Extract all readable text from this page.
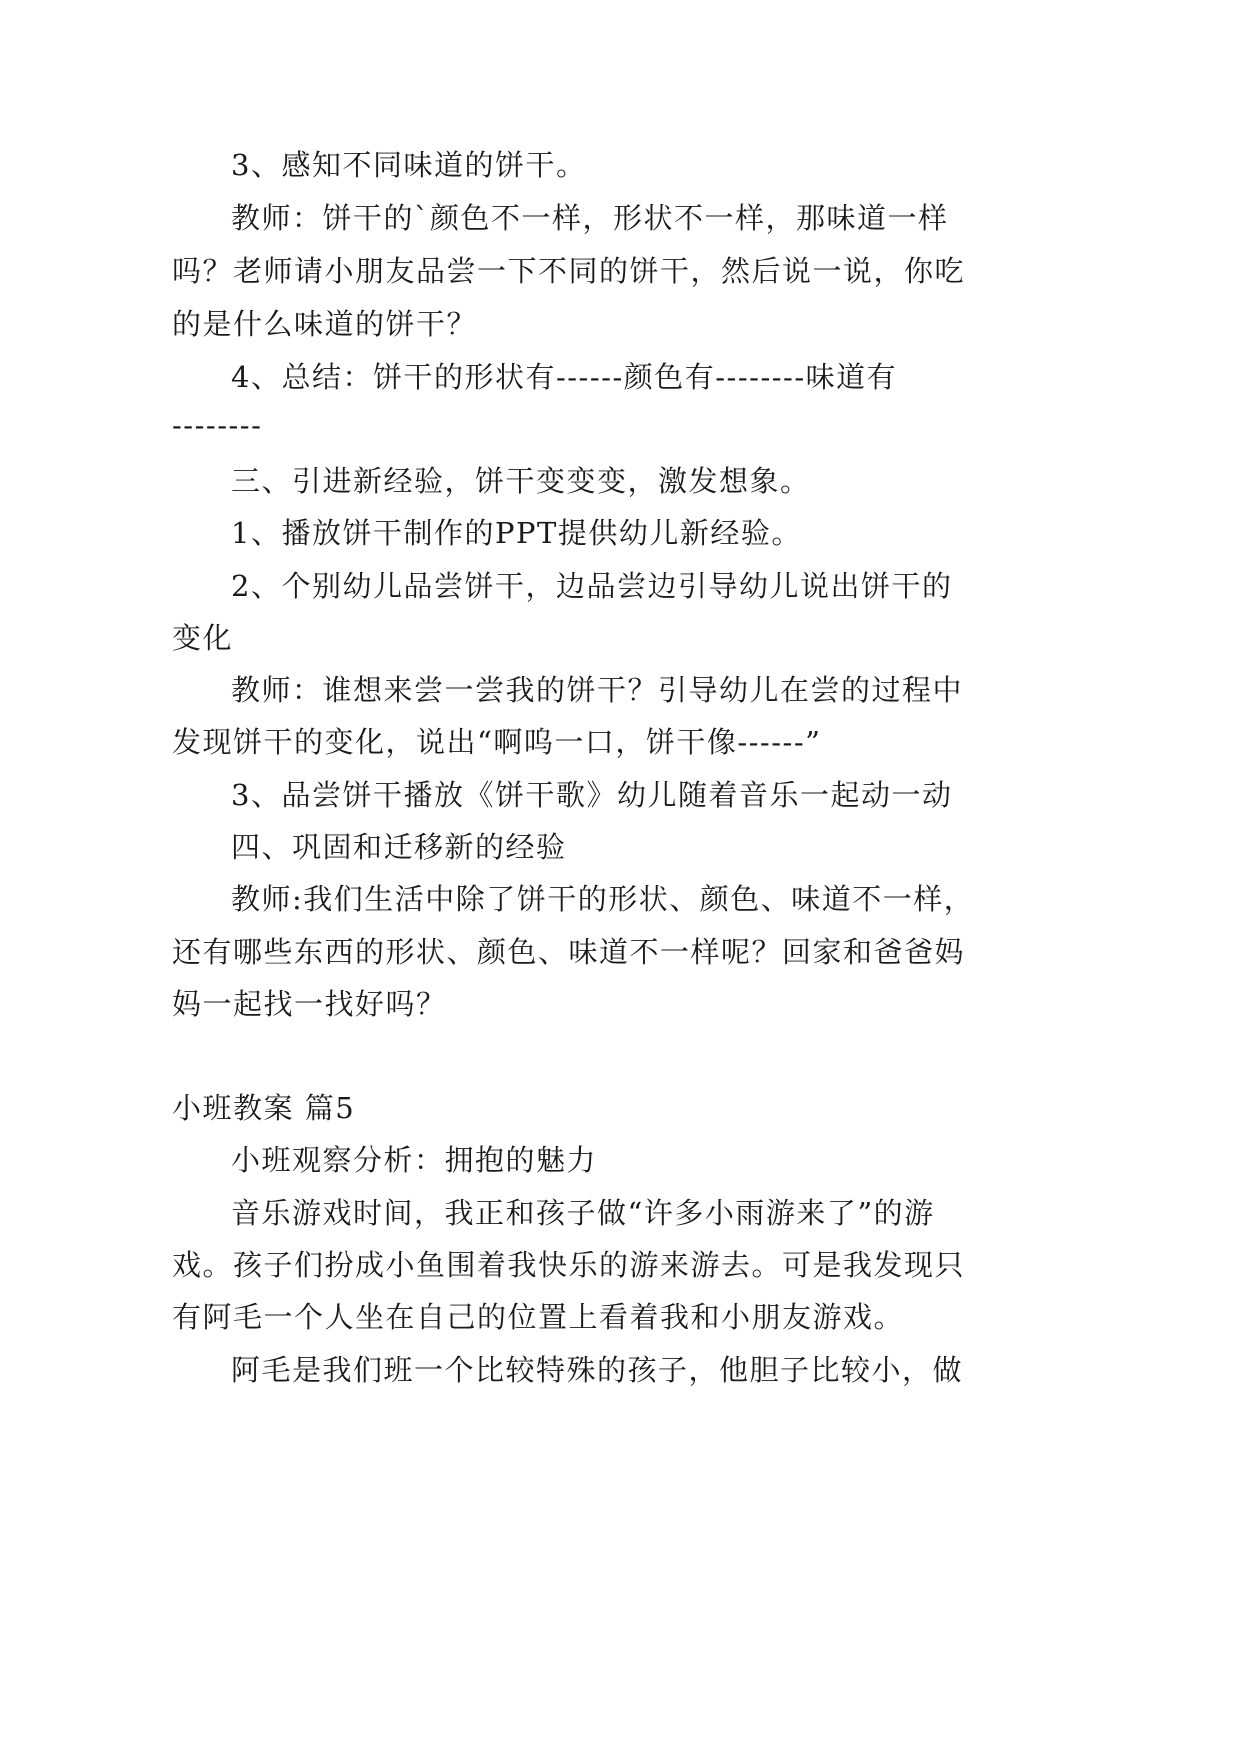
3、感知不同味道的饼干。
教师：饼干的`颜色不一样，形状不一样，那味道一样
吗？老师请小朋友品尝一下不同的饼干，然后说一说，你吃
的是什么味道的饼干？
4、总结：饼干的形状有------颜色有--------味道有
--------
三、引进新经验，饼干变变变，激发想象。
1、播放饼干制作的PPT提供幼儿新经验。
2、个别幼儿品尝饼干，边品尝边引导幼儿说出饼干的
变化
教师：谁想来尝一尝我的饼干？引导幼儿在尝的过程中
发现饼干的变化，说出“啊呜一口，饼干像------”
3、品尝饼干播放《饼干歌》幼儿随着音乐一起动一动
四、巩固和迁移新的经验
教师:我们生活中除了饼干的形状、颜色、味道不一样，
还有哪些东西的形状、颜色、味道不一样呢？回家和爸爸妈
妈一起找一找好吗？
小班教案 篇5
小班观察分析：拥抱的魅力
音乐游戏时间，我正和孩子做“许多小雨游来了”的游
戏。孩子们扮成小鱼围着我快乐的游来游去。可是我发现只
有阿毛一个人坐在自己的位置上看着我和小朋友游戏。
阿毛是我们班一个比较特殊的孩子，他胆子比较小，做
